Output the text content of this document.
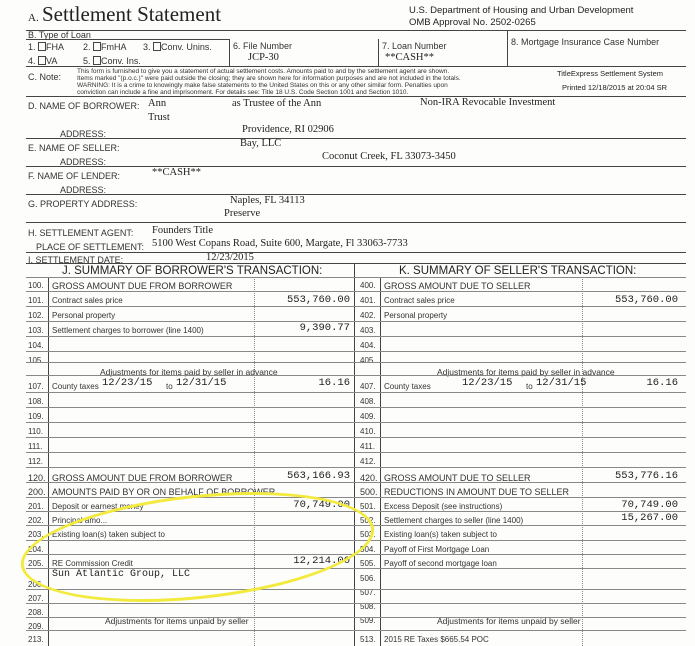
A. Settlement Statement	U.S. Department of Housing and Urban Development
OMB Approval No. 2502-0265
B. Type of Loan
1. FHA 2. FmHA 3. Conv. Unins.
4. VA	5. Conv. Ins.
6. File Number
JCP-30
7. Loan Number
**CASH**
8. Mortgage Insurance Case Number
C. Note:
This form is furnished to give you a statement of actual settlement costs. Amounts paid to and by the settlement agent are shown.
Items marked "(p.o.c.)" were paid outside the closing; they are shown here for information purposes and are not included in the totals.
WARNING: It is a crime to knowingly make false statements to the United States on this or any other similar form. Penalties upon
conviction can include a fine and imprisonment. For details see: Title 18 U.S. Code Section 1001 and Section 1010.
TitleExpress Settlement System
Printed 12/18/2015 at 20:04 SR
D. NAME OF BORROWER: Ann	as Trustee of the Ann	Non-IRA Revocable Investment
Trust
ADDRESS:	Providence, RI 02906
E. NAME OF SELLER:	Bay, LLC
ADDRESS:	Coconut Creek, FL 33073-3450
F. NAME OF LENDER:	**CASH**
ADDRESS:
G. PROPERTY ADDRESS:	Naples, FL 34113
Preserve
H. SETTLEMENT AGENT: Founders Title
PLACE OF SETTLEMENT: 5100 West Copans Road, Suite 600, Margate, Fl 33063-7733
I. SETTLEMENT DATE:	12/23/2015
J. SUMMARY OF BORROWER'S TRANSACTION:	K. SUMMARY OF SELLER'S TRANSACTION:
100. GROSS AMOUNT DUE FROM BORROWER
101. Contract sales price	553,760.00
102. Personal property
103. Settlement charges to borrower (line 1400)	9,390.77
104.
105.
Adjustments for items paid by seller in advance
107. County taxes 12/23/15 to 12/31/15	16.16
108.
109.
110.
111.
112.
120. GROSS AMOUNT DUE FROM BORROWER	563,166.93
200. AMOUNTS PAID BY OR ON BEHALF OF BORROWER
201. Deposit or earnest money	70,749.00
202. Principal amo...
203. Existing loan(s) taken subject to
204.
205. RE Commission Credit	12,214.00
Sun Atlantic Group, LLC
206.
207.
208.
209.
Adjustments for items unpaid by seller
213.
400. GROSS AMOUNT DUE TO SELLER
401. Contract sales price	553,760.00
402. Personal property
403.
404.
405.
Adjustments for items paid by seller in advance
407. County taxes	12/23/15 to 12/31/15	16.16
408.
409.
410.
411.
412.
420. GROSS AMOUNT DUE TO SELLER	553,776.16
500. REDUCTIONS IN AMOUNT DUE TO SELLER
501. Excess Deposit (see instructions)	70,749.00
502. Settlement charges to seller (line 1400)	15,267.00
503. Existing loan(s) taken subject to
504. Payoff of First Mortgage Loan
505. Payoff of second mortgage loan
506.
507.
508.
509.	Adjustments for items unpaid by seller
513. 2015 RE Taxes $665.54 POC
